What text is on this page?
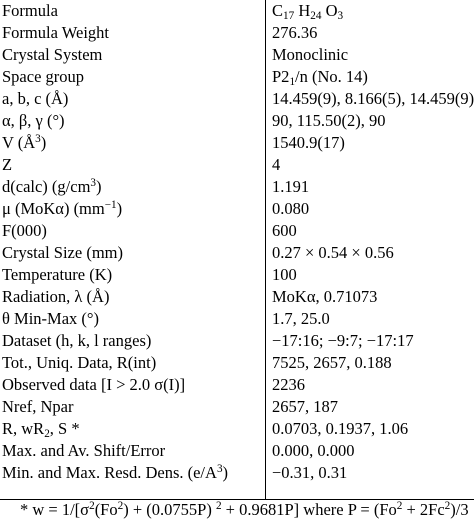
Formula	$C_{17}$ $H_{24}$ $O_3$
Formula Weight	276.36
Crystal System	Monoclinic
Space group	$P2_1/n$ (No. 14)
a, b, c (Å)	14.459(9), 8.166(5), 14.459(9)
α, β, γ (°)	90, 115.50(2), 90
V $(Å^3)$	1540.9(17)
Z	4
d(calc) $(g/cm^3)$	1.191
μ (MoKα) $(mm^{-1})$	0.080
F(000)	600
Crystal Size (mm)	0.27 × 0.54 × 0.56
Temperature (K)	100
Radiation, λ (Å)	MoKα, 0.71073
θ Min-Max (°)	1.7, 25.0
Dataset (h, k, l ranges)	−17:16; −9:7; −17:17
Tot., Uniq. Data, R(int)	7525, 2657, 0.188
Observed data [I > 2.0 σ(I)]	2236
Nref, Npar	2657, 187
R, $wR_2$, S *	0.0703, 0.1937, 1.06
Max. and Av. Shift/Error	0.000, 0.000
Min. and Max. Resd. Dens. $(e/A^3)$	−0.31, 0.31
* $w = 1/[\sigma^2(Fo^2) + (0.0755P) ^2 + 0.9681P]$ where $P = (Fo^2 + 2Fc^2)/3$
